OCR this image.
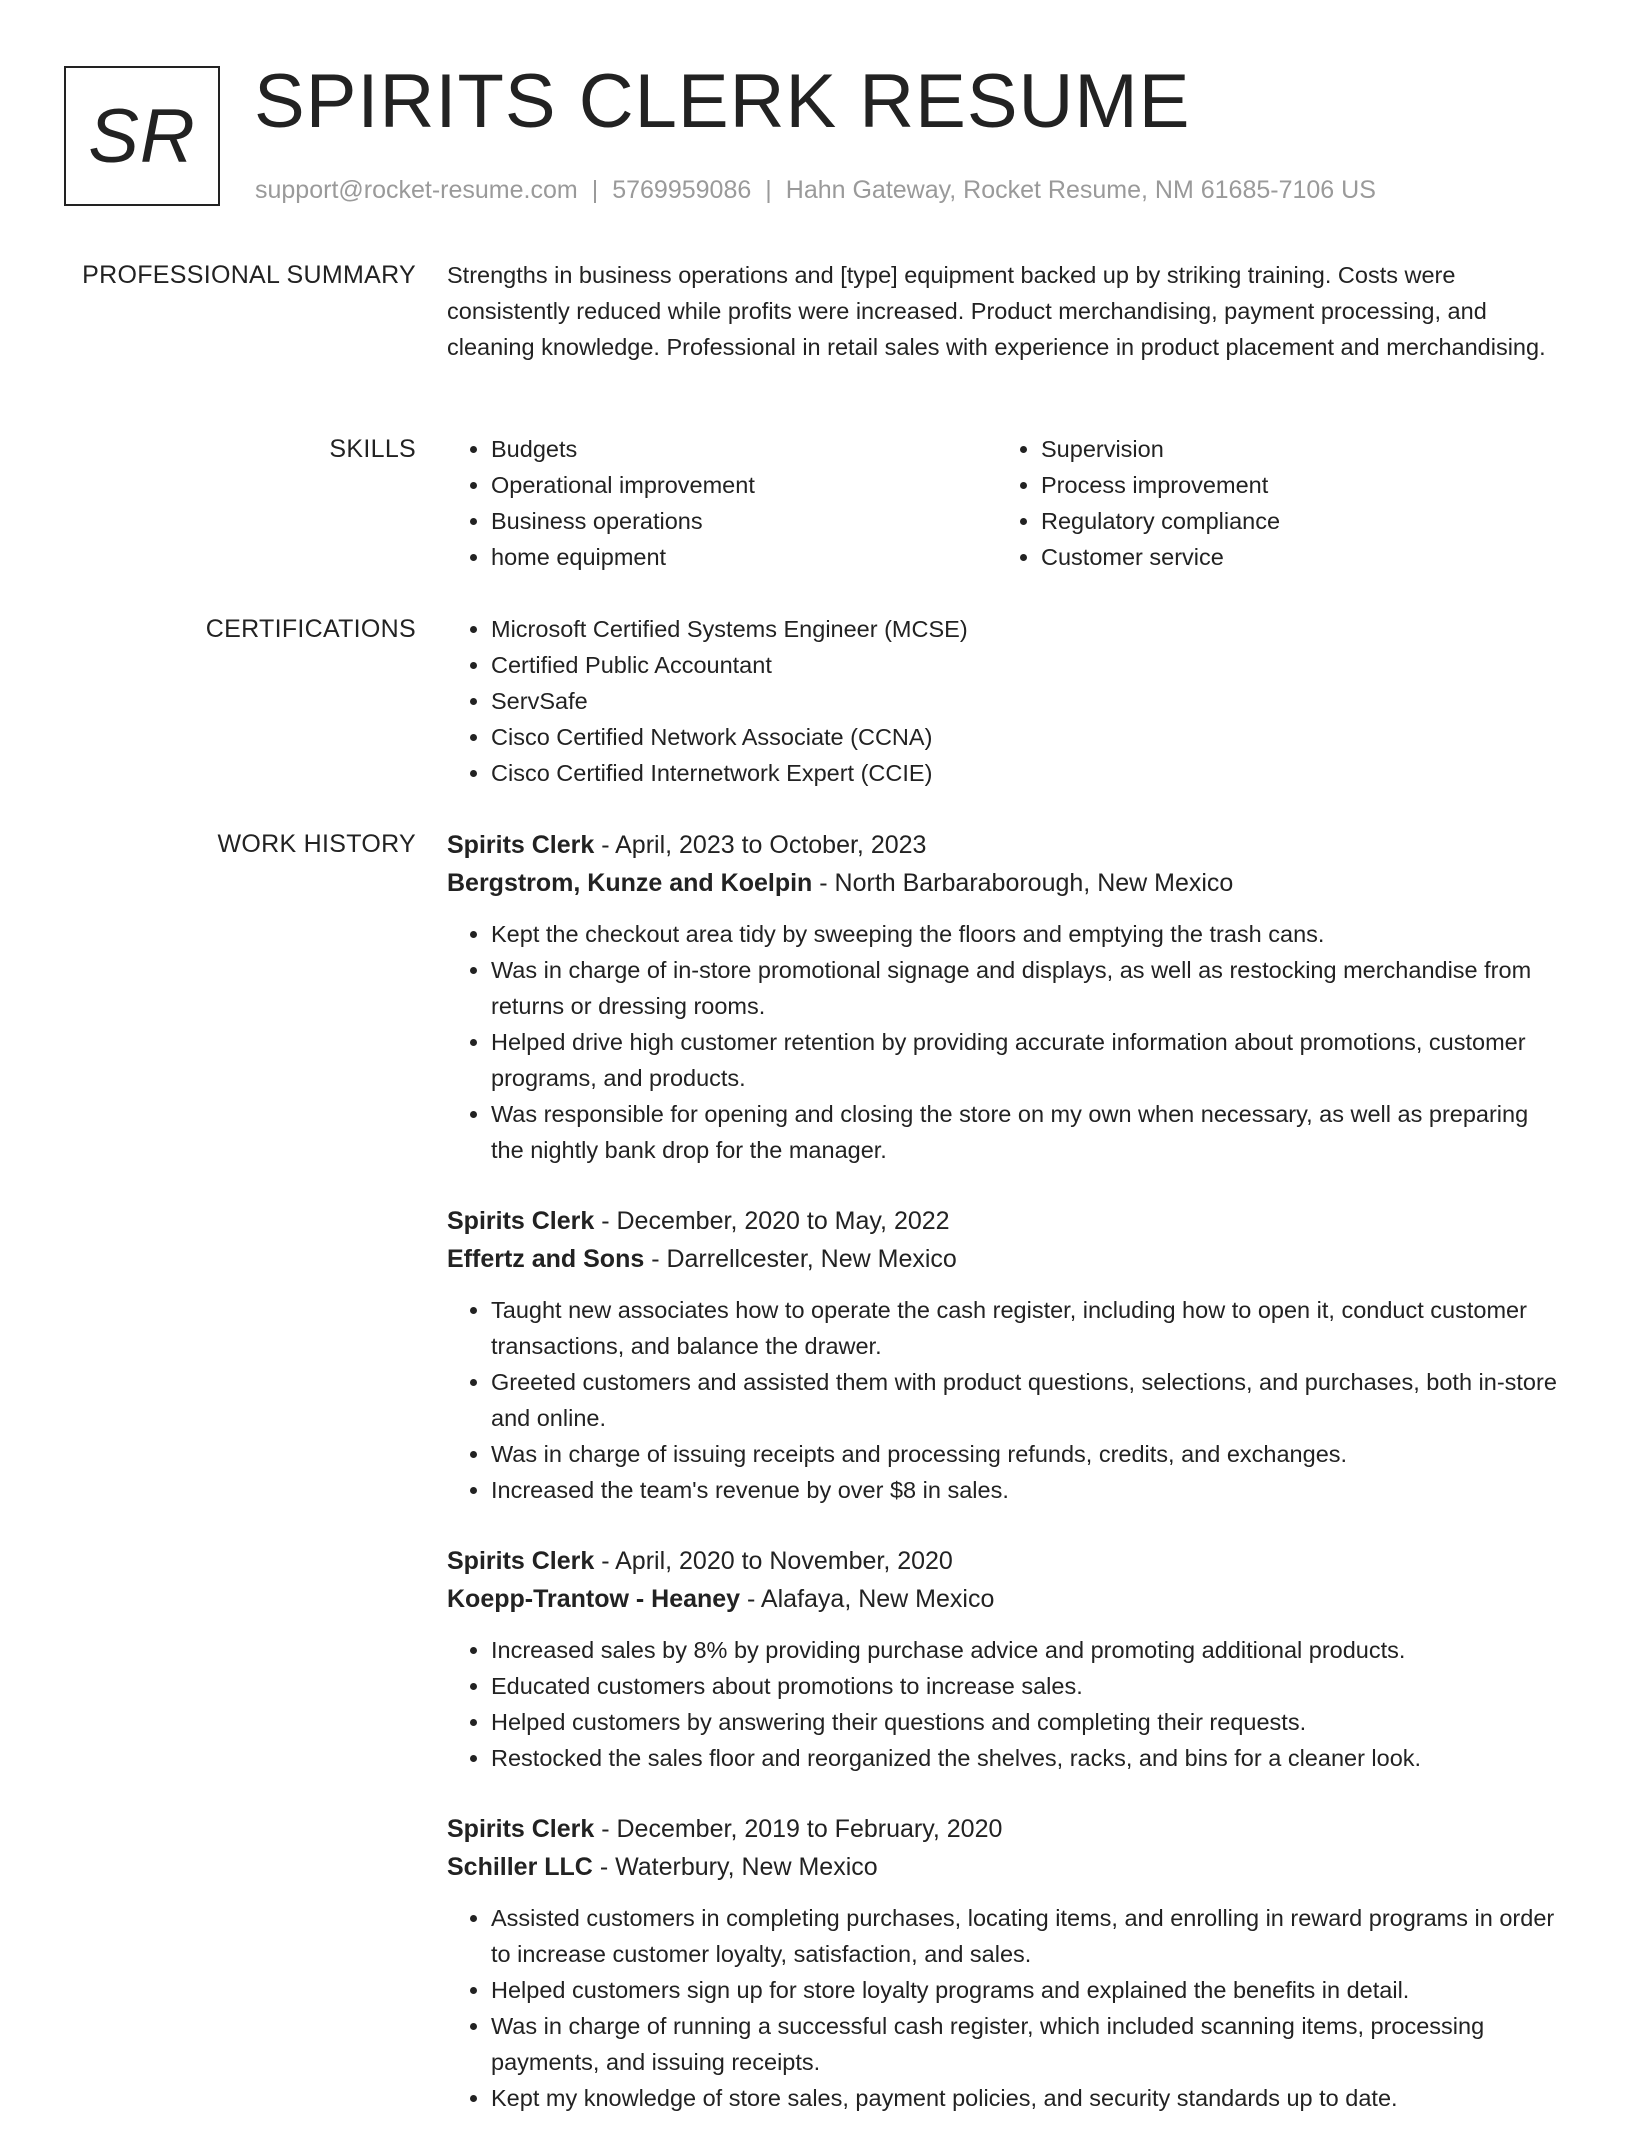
SR SPIRITS CLERK RESUME
support@rocket-resume.com | 5769959086 | Hahn Gateway, Rocket Resume, NM 61685-7106 US
PROFESSIONAL SUMMARY Strengths in business operations and [type] equipment backed up by striking training. Costs were consistently reduced while profits were increased. Product merchandising, payment processing, and cleaning knowledge. Professional in retail sales with experience in product placement and merchandising.

SKILLS	• Budgets
• Operational improvement
• Business operations
• home equipment
• Supervision
• Process improvement
• Regulatory compliance
• Customer service
CERTIFICATIONS	• Microsoft Certified Systems Engineer (MCSE)
• Certified Public Accountant
• ServSafe
• Cisco Certified Network Associate (CCNA)
• Cisco Certified Internetwork Expert (CCIE)
WORK HISTORY Spirits Clerk - April, 2023 to October, 2023
Bergstrom, Kunze and Koelpin - North Barbaraborough, New Mexico
• Kept the checkout area tidy by sweeping the floors and emptying the trash cans.
• Was in charge of in-store promotional signage and displays, as well as restocking merchandise from returns or dressing rooms.
• Helped drive high customer retention by providing accurate information about promotions, customer programs, and products.
• Was responsible for opening and closing the store on my own when necessary, as well as preparing the nightly bank drop for the manager.
Spirits Clerk - December, 2020 to May, 2022
Effertz and Sons - Darrellcester, New Mexico
• Taught new associates how to operate the cash register, including how to open it, conduct customer transactions, and balance the drawer.
• Greeted customers and assisted them with product questions, selections, and purchases, both in-store and online.
• Was in charge of issuing receipts and processing refunds, credits, and exchanges.
• Increased the team's revenue by over $8 in sales.
Spirits Clerk - April, 2020 to November, 2020
Koepp-Trantow - Heaney - Alafaya, New Mexico
• Increased sales by 8% by providing purchase advice and promoting additional products.
• Educated customers about promotions to increase sales.
• Helped customers by answering their questions and completing their requests.
• Restocked the sales floor and reorganized the shelves, racks, and bins for a cleaner look.
Spirits Clerk - December, 2019 to February, 2020
Schiller LLC - Waterbury, New Mexico
• Assisted customers in completing purchases, locating items, and enrolling in reward programs in order to increase customer loyalty, satisfaction, and sales.
• Helped customers sign up for store loyalty programs and explained the benefits in detail.
• Was in charge of running a successful cash register, which included scanning items, processing payments, and issuing receipts.
• Kept my knowledge of store sales, payment policies, and security standards up to date.
